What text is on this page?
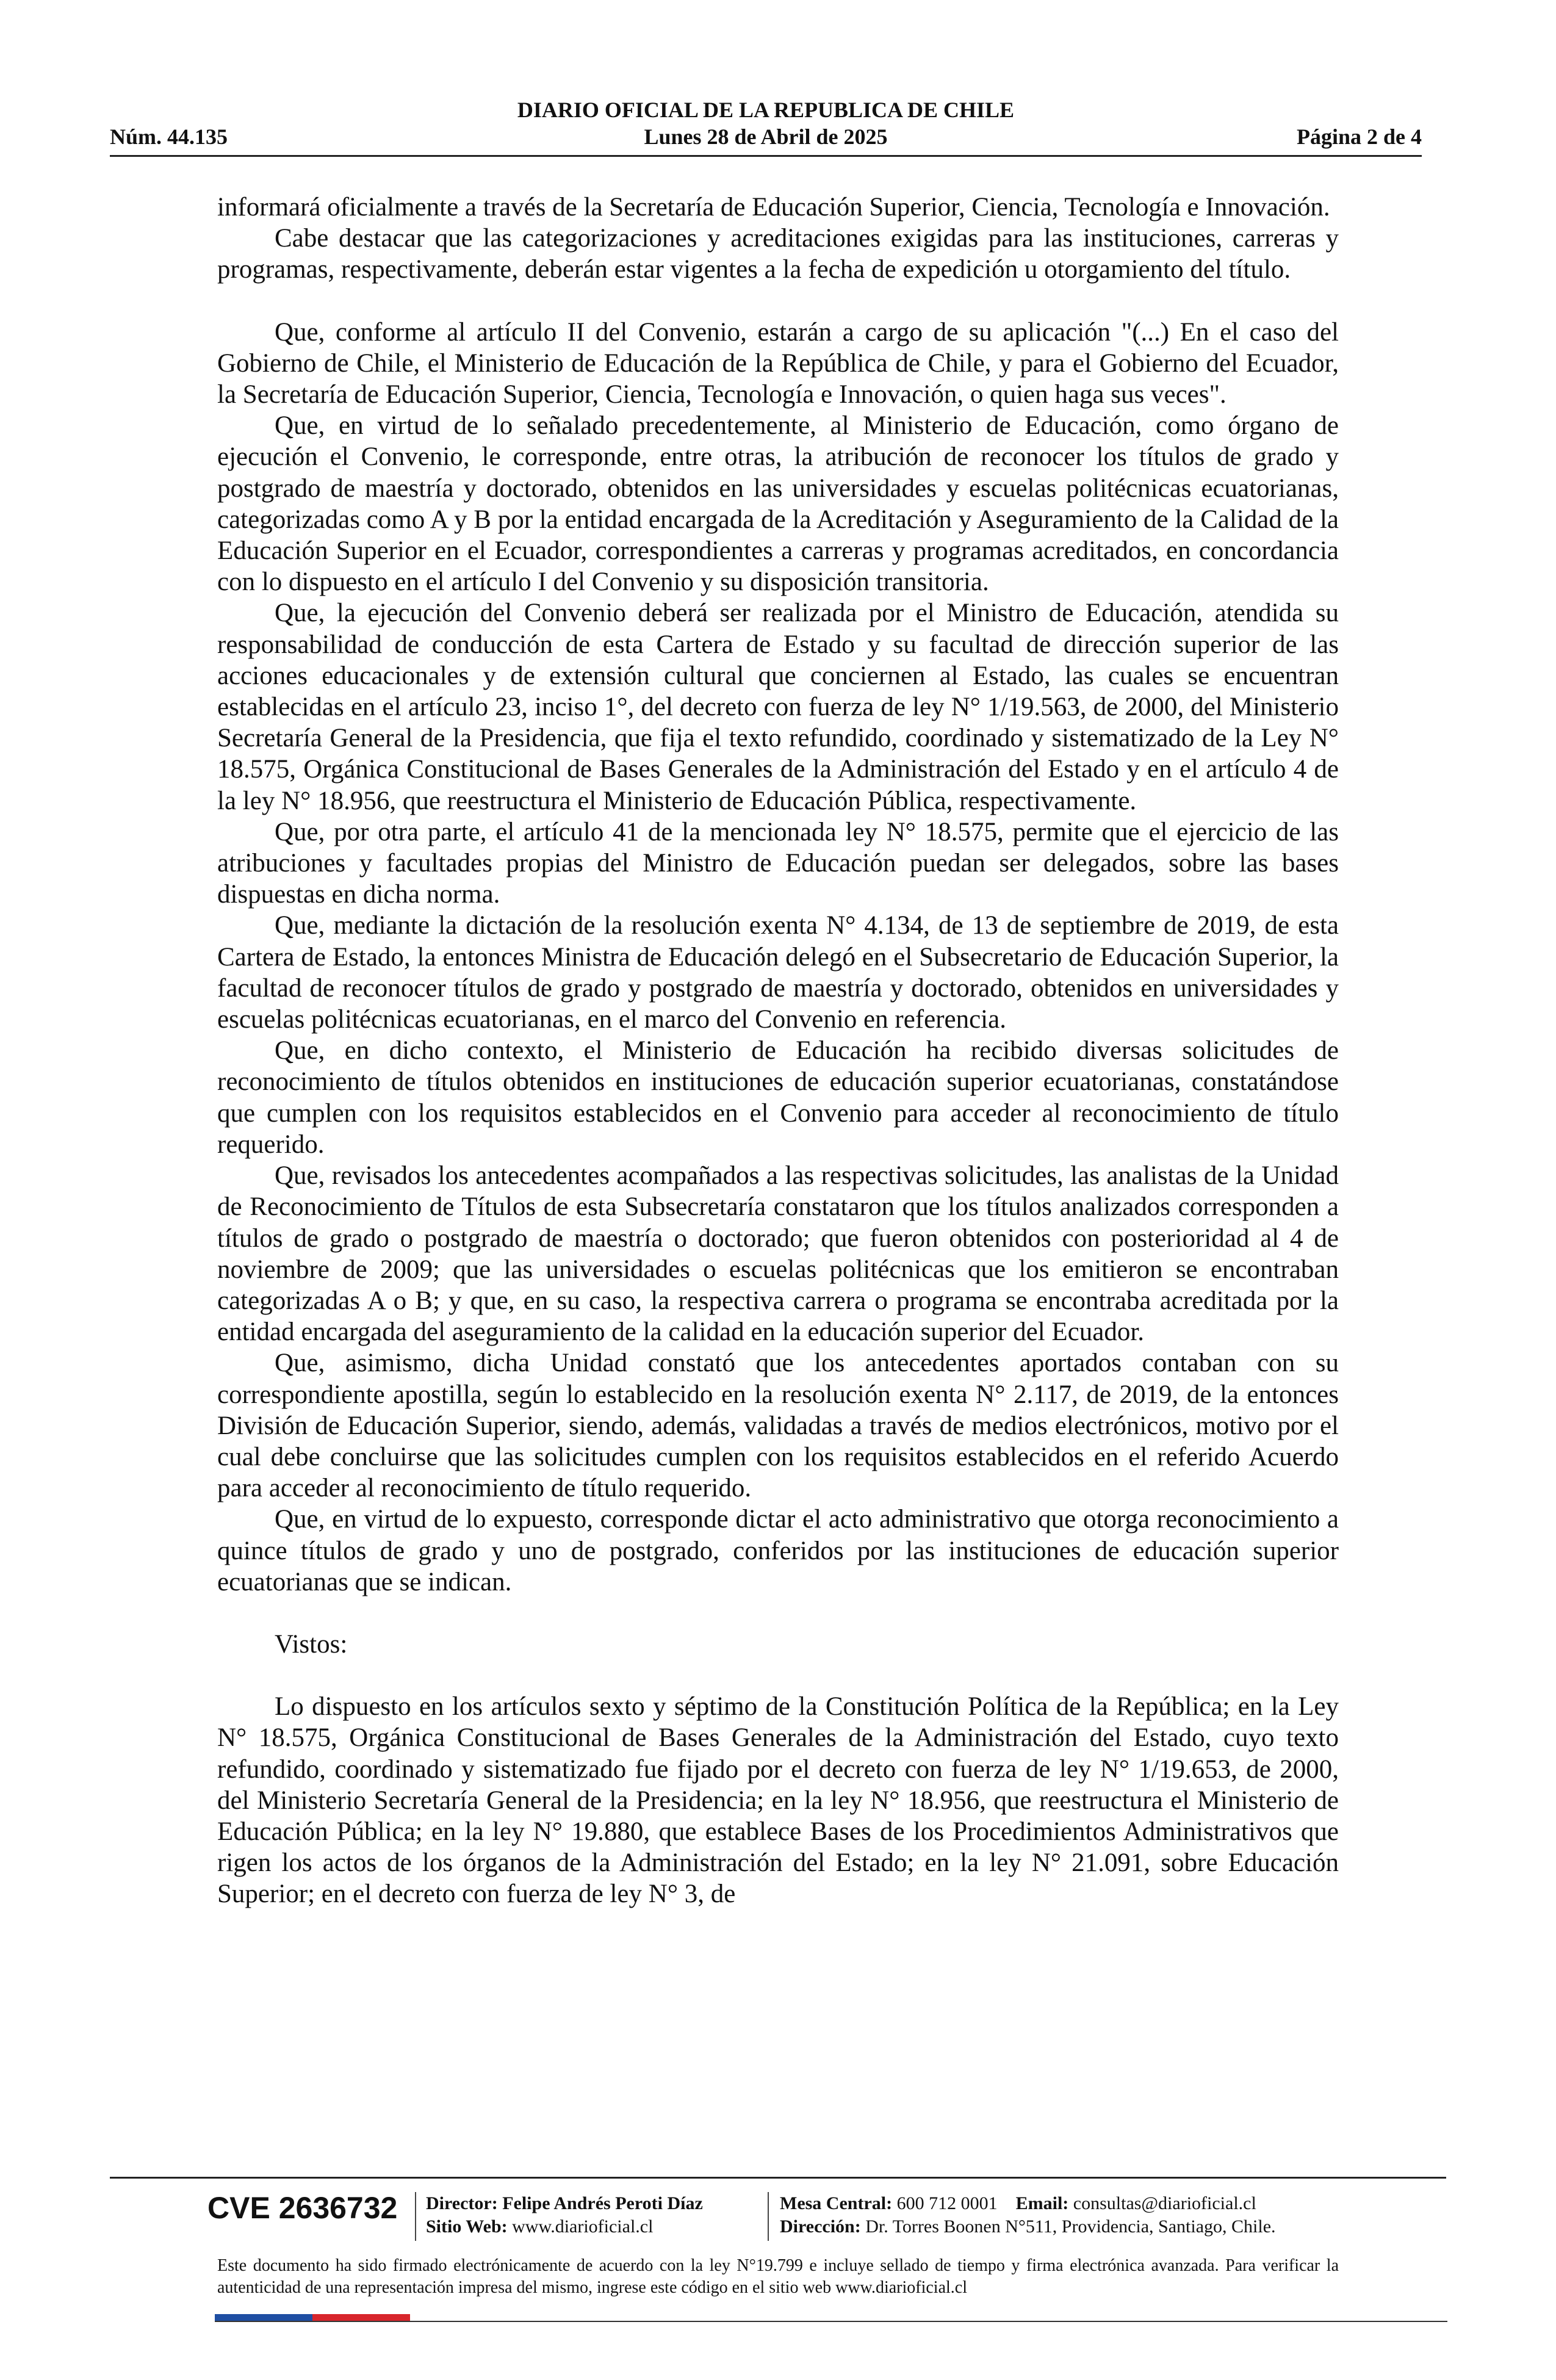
DIARIO OFICIAL DE LA REPUBLICA DE CHILE
Núm. 44.135	Lunes 28 de Abril de 2025	Página 2 de 4

informará oficialmente a través de la Secretaría de Educación Superior, Ciencia, Tecnología e Innovación.

Cabe destacar que las categorizaciones y acreditaciones exigidas para las instituciones, carreras y programas, respectivamente, deberán estar vigentes a la fecha de expedición u otorgamiento del título.

Que, conforme al artículo II del Convenio, estarán a cargo de su aplicación "(...) En el caso del Gobierno de Chile, el Ministerio de Educación de la República de Chile, y para el Gobierno del Ecuador, la Secretaría de Educación Superior, Ciencia, Tecnología e Innovación, o quien haga sus veces".

Que, en virtud de lo señalado precedentemente, al Ministerio de Educación, como órgano de ejecución el Convenio, le corresponde, entre otras, la atribución de reconocer los títulos de grado y postgrado de maestría y doctorado, obtenidos en las universidades y escuelas politécnicas ecuatorianas, categorizadas como A y B por la entidad encargada de la Acreditación y Aseguramiento de la Calidad de la Educación Superior en el Ecuador, correspondientes a carreras y programas acreditados, en concordancia con lo dispuesto en el artículo I del Convenio y su disposición transitoria.

Que, la ejecución del Convenio deberá ser realizada por el Ministro de Educación, atendida su responsabilidad de conducción de esta Cartera de Estado y su facultad de dirección superior de las acciones educacionales y de extensión cultural que conciernen al Estado, las cuales se encuentran establecidas en el artículo 23, inciso 1°, del decreto con fuerza de ley N° 1/19.563, de 2000, del Ministerio Secretaría General de la Presidencia, que fija el texto refundido, coordinado y sistematizado de la Ley N° 18.575, Orgánica Constitucional de Bases Generales de la Administración del Estado y en el artículo 4 de la ley N° 18.956, que reestructura el Ministerio de Educación Pública, respectivamente.

Que, por otra parte, el artículo 41 de la mencionada ley N° 18.575, permite que el ejercicio de las atribuciones y facultades propias del Ministro de Educación puedan ser delegados, sobre las bases dispuestas en dicha norma.

Que, mediante la dictación de la resolución exenta N° 4.134, de 13 de septiembre de 2019, de esta Cartera de Estado, la entonces Ministra de Educación delegó en el Subsecretario de Educación Superior, la facultad de reconocer títulos de grado y postgrado de maestría y doctorado, obtenidos en universidades y escuelas politécnicas ecuatorianas, en el marco del Convenio en referencia.

Que, en dicho contexto, el Ministerio de Educación ha recibido diversas solicitudes de reconocimiento de títulos obtenidos en instituciones de educación superior ecuatorianas, constatándose que cumplen con los requisitos establecidos en el Convenio para acceder al reconocimiento de título requerido.

Que, revisados los antecedentes acompañados a las respectivas solicitudes, las analistas de la Unidad de Reconocimiento de Títulos de esta Subsecretaría constataron que los títulos analizados corresponden a títulos de grado o postgrado de maestría o doctorado; que fueron obtenidos con posterioridad al 4 de noviembre de 2009; que las universidades o escuelas politécnicas que los emitieron se encontraban categorizadas A o B; y que, en su caso, la respectiva carrera o programa se encontraba acreditada por la entidad encargada del aseguramiento de la calidad en la educación superior del Ecuador.

Que, asimismo, dicha Unidad constató que los antecedentes aportados contaban con su correspondiente apostilla, según lo establecido en la resolución exenta N° 2.117, de 2019, de la entonces División de Educación Superior, siendo, además, validadas a través de medios electrónicos, motivo por el cual debe concluirse que las solicitudes cumplen con los requisitos establecidos en el referido Acuerdo para acceder al reconocimiento de título requerido.

Que, en virtud de lo expuesto, corresponde dictar el acto administrativo que otorga reconocimiento a quince títulos de grado y uno de postgrado, conferidos por las instituciones de educación superior ecuatorianas que se indican.

Vistos:

Lo dispuesto en los artículos sexto y séptimo de la Constitución Política de la República; en la Ley N° 18.575, Orgánica Constitucional de Bases Generales de la Administración del Estado, cuyo texto refundido, coordinado y sistematizado fue fijado por el decreto con fuerza de ley N° 1/19.653, de 2000, del Ministerio Secretaría General de la Presidencia; en la ley N° 18.956, que reestructura el Ministerio de Educación Pública; en la ley N° 19.880, que establece Bases de los Procedimientos Administrativos que rigen los actos de los órganos de la Administración del Estado; en la ley N° 21.091, sobre Educación Superior; en el decreto con fuerza de ley N° 3, de

CVE 2636732 Director: Felipe Andrés Peroti Díaz
Sitio Web: www.diarioficial.cl
Mesa Central: 600 712 0001 Email: consultas@diarioficial.cl
Dirección: Dr. Torres Boonen N°511, Providencia, Santiago, Chile.
Este documento ha sido firmado electrónicamente de acuerdo con la ley N°19.799 e incluye sellado de tiempo y firma electrónica avanzada. Para verificar la autenticidad de una representación impresa del mismo, ingrese este código en el sitio web www.diarioficial.cl
